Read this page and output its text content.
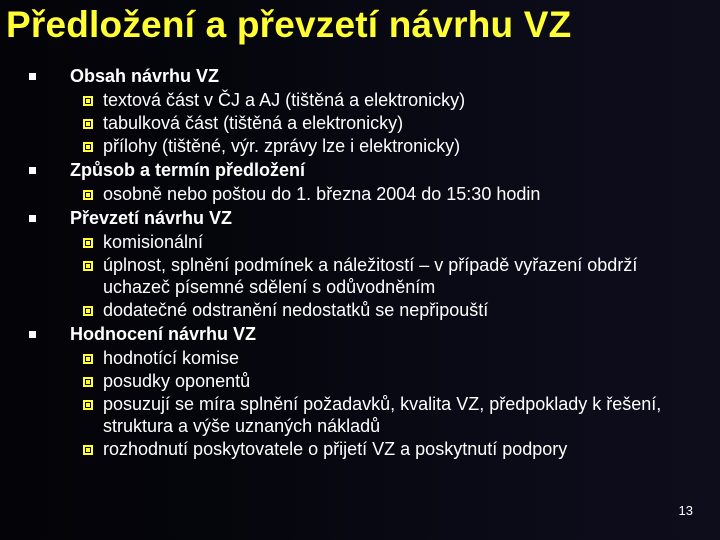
Předložení a převzetí návrhu VZ
Obsah návrhu VZ
textová část v ČJ a AJ (tištěná a elektronicky)
tabulková část (tištěná a elektronicky)
přílohy (tištěné, výr. zprávy lze i elektronicky)
Způsob a termín předložení
osobně nebo poštou do 1. března 2004 do 15:30 hodin
Převzetí návrhu VZ
komisionální
úplnost, splnění podmínek a náležitostí – v případě vyřazení obdrží uchazeč písemné sdělení s odůvodněním
dodatečné odstranění nedostatků se nepřipouští
Hodnocení návrhu VZ
hodnotící komise
posudky oponentů
posuzují se míra splnění požadavků, kvalita VZ, předpoklady k řešení, struktura a výše uznaných nákladů
rozhodnutí poskytovatele o přijetí VZ a poskytnutí podpory
13
